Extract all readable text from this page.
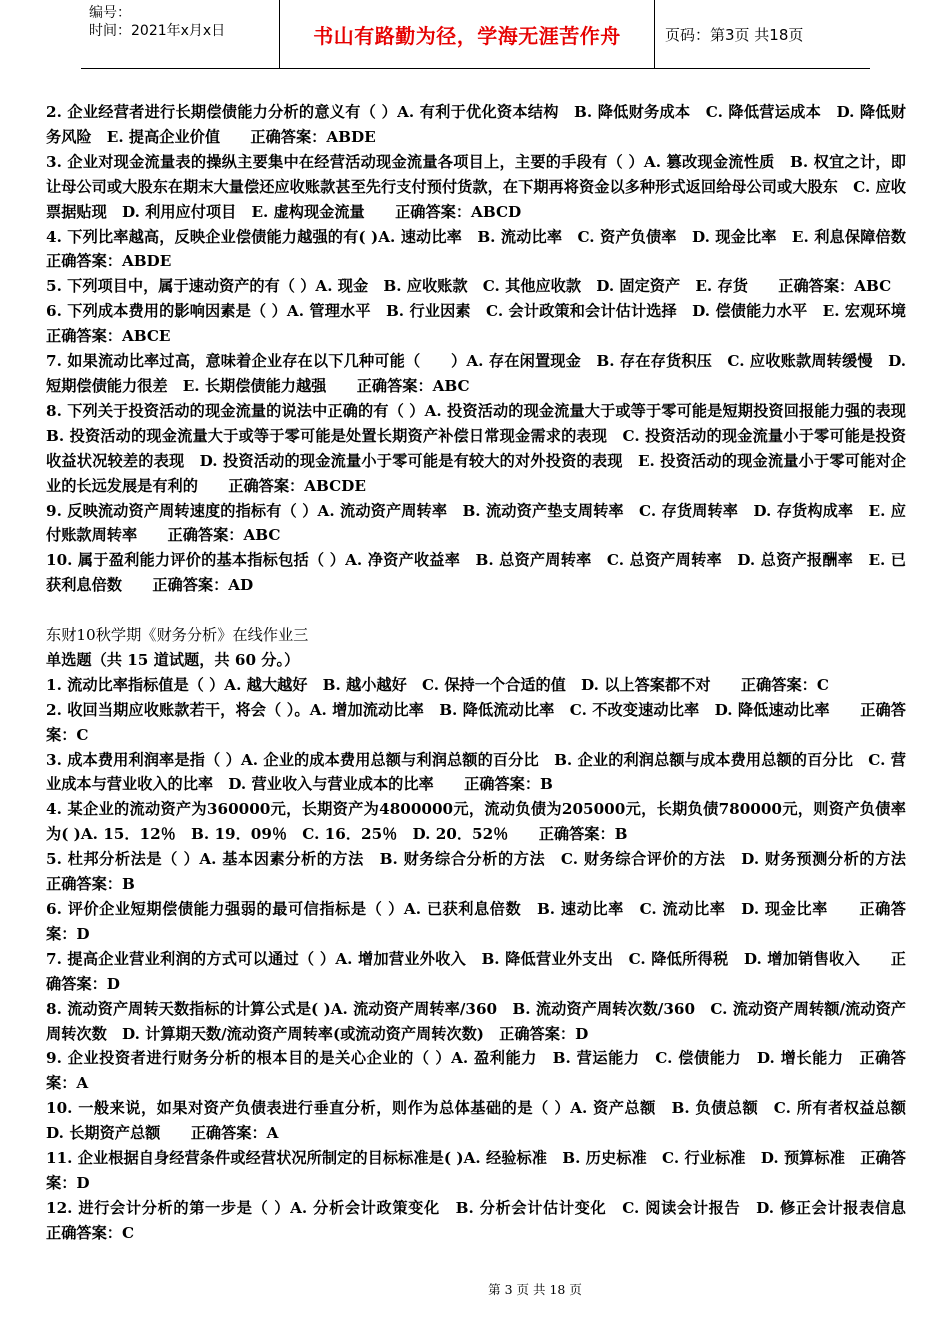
编号：
时间：2021年x月x日	书山有路勤为径，学海无涯苦作舟	页码：第3页 共18页

2. 企业经营者进行长期偿债能力分析的意义有（ ）A. 有利于优化资本结构　B. 降低财务成本　C. 降低营运成本　D. 降低财务风险　E. 提高企业价值　　正确答案：ABDE

3. 企业对现金流量表的操纵主要集中在经营活动现金流量各项目上，主要的手段有（ ）A. 篡改现金流性质　B. 权宜之计，即让母公司或大股东在期末大量偿还应收账款甚至先行支付预付货款，在下期再将资金以多种形式返回给母公司或大股东　C. 应收票据贴现　D. 利用应付项目　E. 虚构现金流量　　正确答案：ABCD

4. 下列比率越高，反映企业偿债能力越强的有( )A. 速动比率　B. 流动比率　C. 资产负债率　D. 现金比率　E. 利息保障倍数　　正确答案：ABDE

5. 下列项目中，属于速动资产的有（ ）A. 现金　B. 应收账款　C. 其他应收款　D. 固定资产　E. 存货　　正确答案：ABC

6. 下列成本费用的影响因素是（ ）A. 管理水平　B. 行业因素　C. 会计政策和会计估计选择　D. 偿债能力水平　E. 宏观环境　　正确答案：ABCE

7. 如果流动比率过高，意味着企业存在以下几种可能（　　）A. 存在闲置现金　B. 存在存货积压　C. 应收账款周转缓慢　D. 短期偿债能力很差　E. 长期偿债能力越强　　正确答案：ABC

8. 下列关于投资活动的现金流量的说法中正确的有（ ）A. 投资活动的现金流量大于或等于零可能是短期投资回报能力强的表现　B. 投资活动的现金流量大于或等于零可能是处置长期资产补偿日常现金需求的表现　C. 投资活动的现金流量小于零可能是投资收益状况较差的表现　D. 投资活动的现金流量小于零可能是有较大的对外投资的表现　E. 投资活动的现金流量小于零可能对企业的长远发展是有利的　　正确答案：ABCDE

9. 反映流动资产周转速度的指标有（ ）A. 流动资产周转率　B. 流动资产垫支周转率　C. 存货周转率　D. 存货构成率　E. 应付账款周转率　　正确答案：ABC

10. 属于盈利能力评价的基本指标包括（ ）A. 净资产收益率　B. 总资产周转率　C. 总资产周转率　D. 总资产报酬率　E. 已获利息倍数　　正确答案：AD

东财10秋学期《财务分析》在线作业三

单选题（共 15 道试题，共 60 分。）

1. 流动比率指标值是（ ）A. 越大越好　B. 越小越好　C. 保持一个合适的值　D. 以上答案都不对　　正确答案：C

2. 收回当期应收账款若干，将会（ ）。A. 增加流动比率　B. 降低流动比率　C. 不改变速动比率　D. 降低速动比率　　正确答案：C

3. 成本费用利润率是指（ ）A. 企业的成本费用总额与利润总额的百分比　B. 企业的利润总额与成本费用总额的百分比　C. 营业成本与营业收入的比率　D. 营业收入与营业成本的比率　　正确答案：B

4. 某企业的流动资产为360000元，长期资产为4800000元，流动负债为205000元，长期负债780000元，则资产负债率为( )A. 15．12％　B. 19．09％　C. 16．25％　D. 20．52％　　正确答案：B

5. 杜邦分析法是（ ）A. 基本因素分析的方法　B. 财务综合分析的方法　C. 财务综合评价的方法　D. 财务预测分析的方法　　正确答案：B

6. 评价企业短期偿债能力强弱的最可信指标是（ ）A. 已获利息倍数　B. 速动比率　C. 流动比率　D. 现金比率　　正确答案：D

7. 提高企业营业利润的方式可以通过（ ）A. 增加营业外收入　B. 降低营业外支出　C. 降低所得税　D. 增加销售收入　　正确答案：D

8. 流动资产周转天数指标的计算公式是( )A. 流动资产周转率/360　B. 流动资产周转次数/360　C. 流动资产周转额/流动资产周转次数　D. 计算期天数/流动资产周转率(或流动资产周转次数)　正确答案：D

9. 企业投资者进行财务分析的根本目的是关心企业的（ ）A. 盈利能力　B. 营运能力　C. 偿债能力　D. 增长能力　正确答案：A

10. 一般来说，如果对资产负债表进行垂直分析，则作为总体基础的是（ ）A. 资产总额　B. 负债总额　C. 所有者权益总额　D. 长期资产总额　　正确答案：A

11. 企业根据自身经营条件或经营状况所制定的目标标准是( )A. 经验标准　B. 历史标准　C. 行业标准　D. 预算标准　正确答案：D

12. 进行会计分析的第一步是（ ）A. 分析会计政策变化　B. 分析会计估计变化　C. 阅读会计报告　D. 修正会计报表信息　　正确答案：C

第 3 页 共 18 页
